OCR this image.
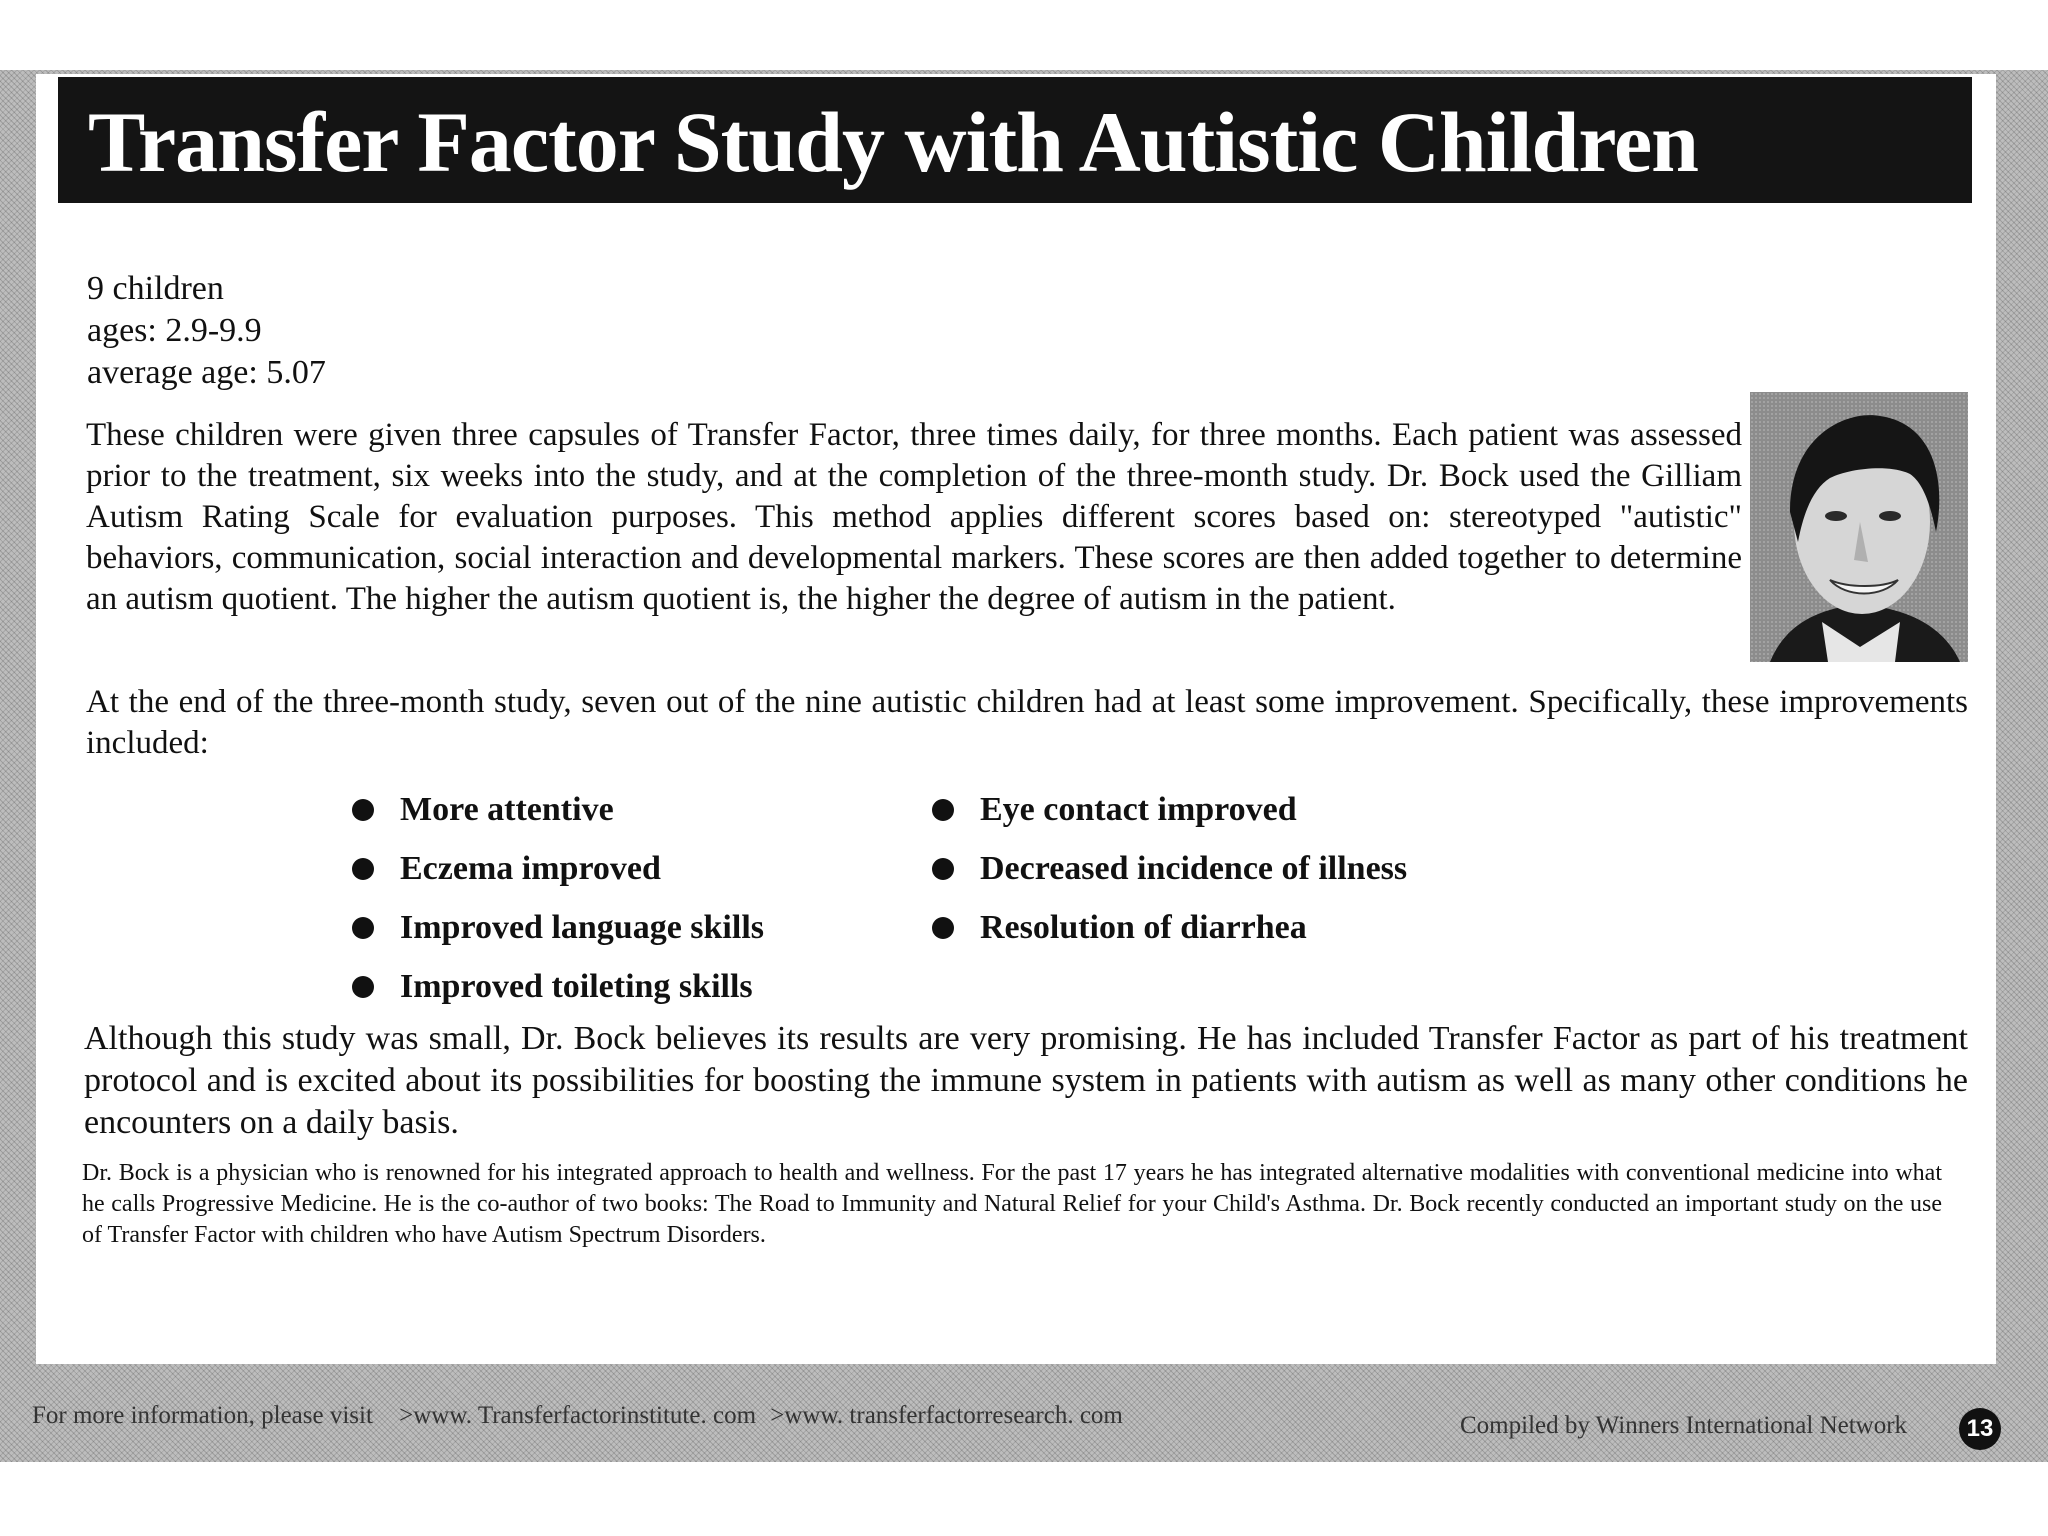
Transfer Factor Study with Autistic Children
9 children
ages: 2.9-9.9
average age: 5.07
These children were given three capsules of Transfer Factor, three times daily, for three months. Each patient was assessed prior to the treatment, six weeks into the study, and at the completion of the three-month study. Dr. Bock used the Gilliam Autism Rating Scale for evaluation purposes. This method applies different scores based on: stereotyped "autistic" behaviors, communication, social interaction and developmental markers. These scores are then added together to determine an autism quotient. The higher the autism quotient is, the higher the degree of autism in the patient.
At the end of the three-month study, seven out of the nine autistic children had at least some improvement. Specifically, these improvements included:
More attentive
Eczema improved
Improved language skills
Improved toileting skills
Eye contact improved
Decreased incidence of illness
Resolution of diarrhea
Although this study was small, Dr. Bock believes its results are very promising. He has included Transfer Factor as part of his treatment protocol and is excited about its possibilities for boosting the immune system in patients with autism as well as many other conditions he encounters on a daily basis.
Dr. Bock is a physician who is renowned for his integrated approach to health and wellness. For the past 17 years he has integrated alternative modalities with conventional medicine into what he calls Progressive Medicine. He is the co-author of two books: The Road to Immunity and Natural Relief for your Child's Asthma. Dr. Bock recently conducted an important study on the use of Transfer Factor with children who have Autism Spectrum Disorders.
For more information, please visit >www. Transferfactorinstitute. com >www. transferfactorresearch. com	Compiled by Winners International Network	13
